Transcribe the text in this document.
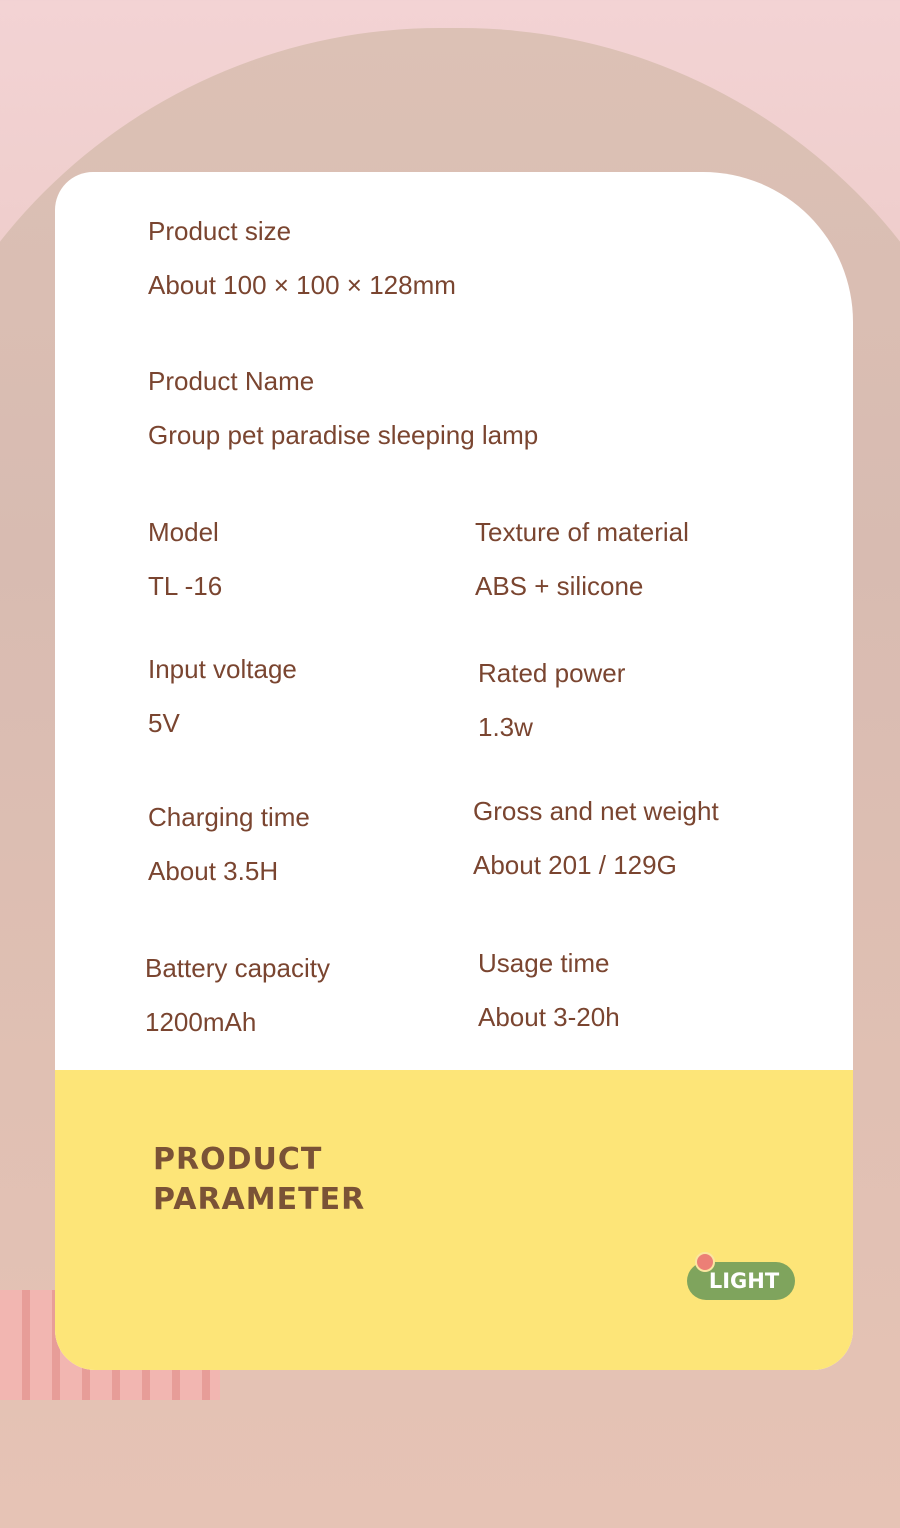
Product size
About 100 × 100 × 128mm
Product Name
Group pet paradise sleeping lamp
Model
TL -16
Texture of material
ABS + silicone
Input voltage
5V
Rated power
1.3w
Charging time
About 3.5H
Gross and net weight
About 201 / 129G
Battery capacity
1200mAh
Usage time
About 3-20h
PRODUCT
PARAMETER
LIGHT
